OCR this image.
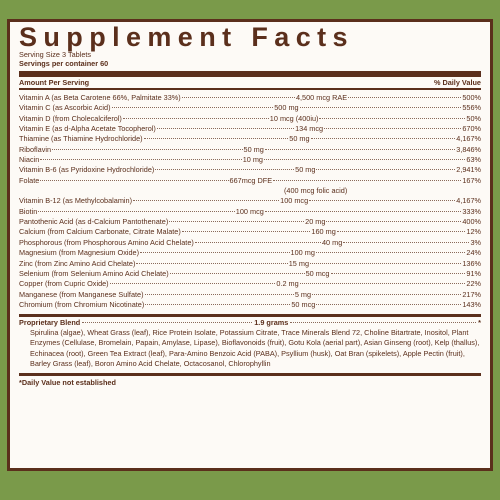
Supplement Facts
Serving Size 3 Tablets
Servings per container 60
Amount Per Serving	% Daily Value
Vitamin A (as Beta Carotene 66%, Palmitate 33%)	4,500 mcg RAE	500%
Vitamin C (as Ascorbic Acid)	500 mg	556%
Vitamin D (from Cholecalciferol)	10 mcg (400iu)	50%
Vitamin E (as d-Alpha Acetate Tocopherol)	134 mcg	670%
Thiamine (as Thiamine Hydrochloride)	50 mg	4,167%
Riboflavin	50 mg	3,846%
Niacin	10 mg	63%
Vitamin B-6 (as Pyridoxine Hydrochloride)	50 mg	2,941%
Folate	667mcg DFE	167%
(400 mcg folic acid)
Vitamin B-12 (as Methylcobalamin)	100 mcg	4,167%
Biotin	100 mcg	333%
Pantothenic Acid (as d-Calcium Pantothenate)	20 mg	400%
Calcium (from Calcium Carbonate, Citrate Malate)	160 mg	12%
Phosphorous (from Phosphorous Amino Acid Chelate)	40 mg	3%
Magnesium (from Magnesium Oxide)	100 mg	24%
Zinc (from Zinc Amino Acid Chelate)	15 mg	136%
Selenium (from Selenium Amino Acid Chelate)	50 mcg	91%
Copper (from Cupric Oxide)	0.2 mg	22%
Manganese (from Manganese Sulfate)	5 mg	217%
Chromium (from Chromium Nicotinate)	50 mcg	143%
Proprietary Blend	1.9 grams	*
Spirulina (algae), Wheat Grass (leaf), Rice Protein Isolate, Potassium Citrate, Trace Minerals Blend 72, Choline Bitartrate, Inositol, Plant Enzymes (Cellulase, Bromelain, Papain, Amylase, Lipase), Bioflavonoids (fruit), Gotu Kola (aerial part), Asian Ginseng (root), Kelp (thallus), Echinacea (root), Green Tea Extract (leaf), Para-Amino Benzoic Acid (PABA), Psyllium (husk), Oat Bran (spikelets), Apple Pectin (fruit), Barley Grass (leaf), Boron Amino Acid Chelate, Octacosanol, Chlorophyllin
*Daily Value not established
